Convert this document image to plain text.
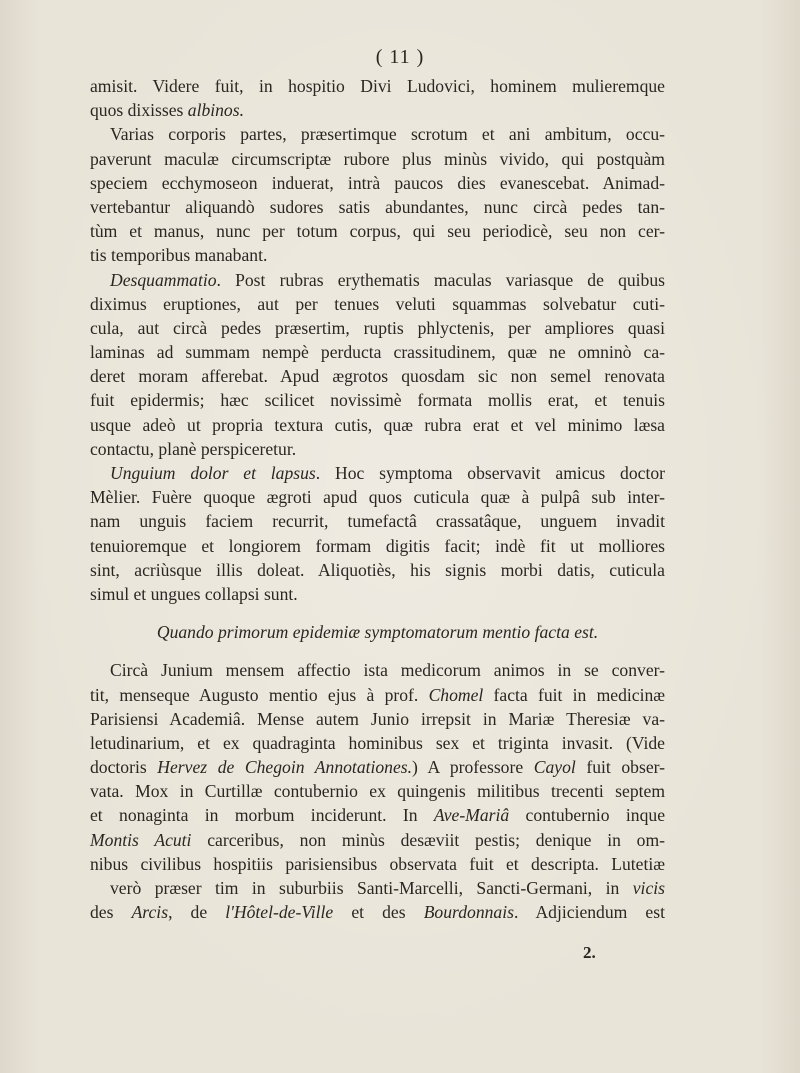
( 11 )
amisit. Videre fuit, in hospitio Divi Ludovici, hominem mulieremque
quos dixisses albinos.
Varias corporis partes, præsertimque scrotum et ani ambitum, occu-
paverunt maculæ circumscriptæ rubore plus minùs vivido, qui postquàm
speciem ecchymoseon induerat, intrà paucos dies evanescebat. Animad-
vertebantur aliquandò sudores satis abundantes, nunc circà pedes tan-
tùm et manus, nunc per totum corpus, qui seu periodicè, seu non cer-
tis temporibus manabant.
Desquammatio. Post rubras erythematis maculas variasque de quibus
diximus eruptiones, aut per tenues veluti squammas solvebatur cuti-
cula, aut circà pedes præsertim, ruptis phlyctenis, per ampliores quasi
laminas ad summam nempè perducta crassitudinem, quæ ne omninò ca-
deret moram afferebat. Apud ægrotos quosdam sic non semel renovata
fuit epidermis; hæc scilicet novissimè formata mollis erat, et tenuis
usque adeò ut propria textura cutis, quæ rubra erat et vel minimo læsa
contactu, planè perspiceretur.
Unguium dolor et lapsus. Hoc symptoma observavit amicus doctor
Mèlier. Fuère quoque ægroti apud quos cuticula quæ à pulpâ sub inter-
nam unguis faciem recurrit, tumefactâ crassatâque, unguem invadit
tenuioremque et longiorem formam digitis facit; indè fit ut molliores
sint, acriùsque illis doleat. Aliquotiès, his signis morbi datis, cuticula
simul et ungues collapsi sunt.
Quando primorum epidemiæ symptomatorum mentio facta est.
Circà Junium mensem affectio ista medicorum animos in se conver-
tit, menseque Augusto mentio ejus à prof. Chomel facta fuit in medicinæ
Parisiensi Academiâ. Mense autem Junio irrepsit in Mariæ Theresiæ va-
letudinarium, et ex quadraginta hominibus sex et triginta invasit. (Vide
doctoris Hervez de Chegoin Annotationes.) A professore Cayol fuit obser-
vata. Mox in Curtillæ contubernio ex quingenis militibus trecenti septem
et nonaginta in morbum inciderunt. In Ave-Mariâ contubernio inque
Montis Acuti carceribus, non minùs desæviit pestis; denique in om-
nibus civilibus hospitiis parisiensibus observata fuit et descripta. Lutetiæ
verò præser tim in suburbiis Santi-Marcelli, Sancti-Germani, in vicis
des Arcis, de l'Hôtel-de-Ville et des Bourdonnais. Adjiciendum est
2.
